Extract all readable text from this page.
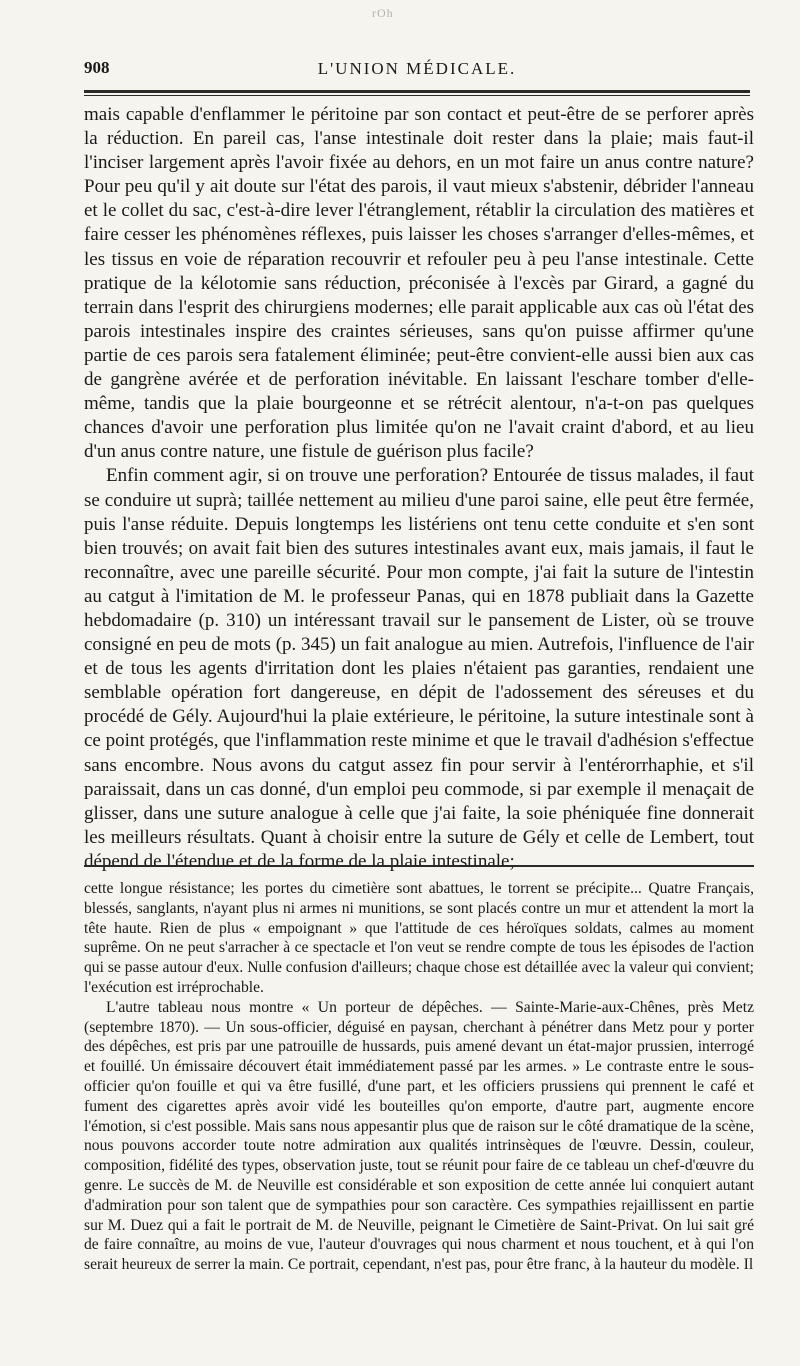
rOh
908	L'UNION MÉDICALE.

mais capable d'enflammer le péritoine par son contact et peut-être de se perforer après la réduction. En pareil cas, l'anse intestinale doit rester dans la plaie; mais faut-il l'inciser largement après l'avoir fixée au dehors, en un mot faire un anus contre nature? Pour peu qu'il y ait doute sur l'état des parois, il vaut mieux s'abstenir, débrider l'anneau et le collet du sac, c'est-à-dire lever l'étranglement, rétablir la circulation des matières et faire cesser les phénomènes réflexes, puis laisser les choses s'arranger d'elles-mêmes, et les tissus en voie de réparation recouvrir et refouler peu à peu l'anse intestinale. Cette pratique de la kélotomie sans réduction, préconisée à l'excès par Girard, a gagné du terrain dans l'esprit des chirurgiens modernes; elle parait applicable aux cas où l'état des parois intestinales inspire des craintes sérieuses, sans qu'on puisse affirmer qu'une partie de ces parois sera fatalement éliminée; peut-être convient-elle aussi bien aux cas de gangrène avérée et de perforation inévitable. En laissant l'eschare tomber d'elle-même, tandis que la plaie bourgeonne et se rétrécit alentour, n'a-t-on pas quelques chances d'avoir une perforation plus limitée qu'on ne l'avait craint d'abord, et au lieu d'un anus contre nature, une fistule de guérison plus facile?

Enfin comment agir, si on trouve une perforation? Entourée de tissus malades, il faut se conduire ut suprà; taillée nettement au milieu d'une paroi saine, elle peut être fermée, puis l'anse réduite. Depuis longtemps les listériens ont tenu cette conduite et s'en sont bien trouvés; on avait fait bien des sutures intestinales avant eux, mais jamais, il faut le reconnaître, avec une pareille sécurité. Pour mon compte, j'ai fait la suture de l'intestin au catgut à l'imitation de M. le professeur Panas, qui en 1878 publiait dans la Gazette hebdomadaire (p. 310) un intéressant travail sur le pansement de Lister, où se trouve consigné en peu de mots (p. 345) un fait analogue au mien. Autrefois, l'influence de l'air et de tous les agents d'irritation dont les plaies n'étaient pas garanties, rendaient une semblable opération fort dangereuse, en dépit de l'adossement des séreuses et du procédé de Gély. Aujourd'hui la plaie extérieure, le péritoine, la suture intestinale sont à ce point protégés, que l'inflammation reste minime et que le travail d'adhésion s'effectue sans encombre. Nous avons du catgut assez fin pour servir à l'entérorrhaphie, et s'il paraissait, dans un cas donné, d'un emploi peu commode, si par exemple il menaçait de glisser, dans une suture analogue à celle que j'ai faite, la soie phéniquée fine donnerait les meilleurs résultats. Quant à choisir entre la suture de Gély et celle de Lembert, tout dépend de l'étendue et de la forme de la plaie intestinale;

cette longue résistance; les portes du cimetière sont abattues, le torrent se précipite... Quatre Français, blessés, sanglants, n'ayant plus ni armes ni munitions, se sont placés contre un mur et attendent la mort la tête haute. Rien de plus « empoignant » que l'attitude de ces héroïques soldats, calmes au moment suprême. On ne peut s'arracher à ce spectacle et l'on veut se rendre compte de tous les épisodes de l'action qui se passe autour d'eux. Nulle confusion d'ailleurs; chaque chose est détaillée avec la valeur qui convient; l'exécution est irréprochable.

L'autre tableau nous montre « Un porteur de dépêches. — Sainte-Marie-aux-Chênes, près Metz (septembre 1870). — Un sous-officier, déguisé en paysan, cherchant à pénétrer dans Metz pour y porter des dépêches, est pris par une patrouille de hussards, puis amené devant un état-major prussien, interrogé et fouillé. Un émissaire découvert était immédiatement passé par les armes. » Le contraste entre le sous-officier qu'on fouille et qui va être fusillé, d'une part, et les officiers prussiens qui prennent le café et fument des cigarettes après avoir vidé les bouteilles qu'on emporte, d'autre part, augmente encore l'émotion, si c'est possible. Mais sans nous appesantir plus que de raison sur le côté dramatique de la scène, nous pouvons accorder toute notre admiration aux qualités intrinsèques de l'œuvre. Dessin, couleur, composition, fidélité des types, observation juste, tout se réunit pour faire de ce tableau un chef-d'œuvre du genre. Le succès de M. de Neuville est considérable et son exposition de cette année lui conquiert autant d'admiration pour son talent que de sympathies pour son caractère. Ces sympathies rejaillissent en partie sur M. Duez qui a fait le portrait de M. de Neuville, peignant le Cimetière de Saint-Privat. On lui sait gré de faire connaître, au moins de vue, l'auteur d'ouvrages qui nous charment et nous touchent, et à qui l'on serait heureux de serrer la main. Ce portrait, cependant, n'est pas, pour être franc, à la hauteur du modèle. Il
